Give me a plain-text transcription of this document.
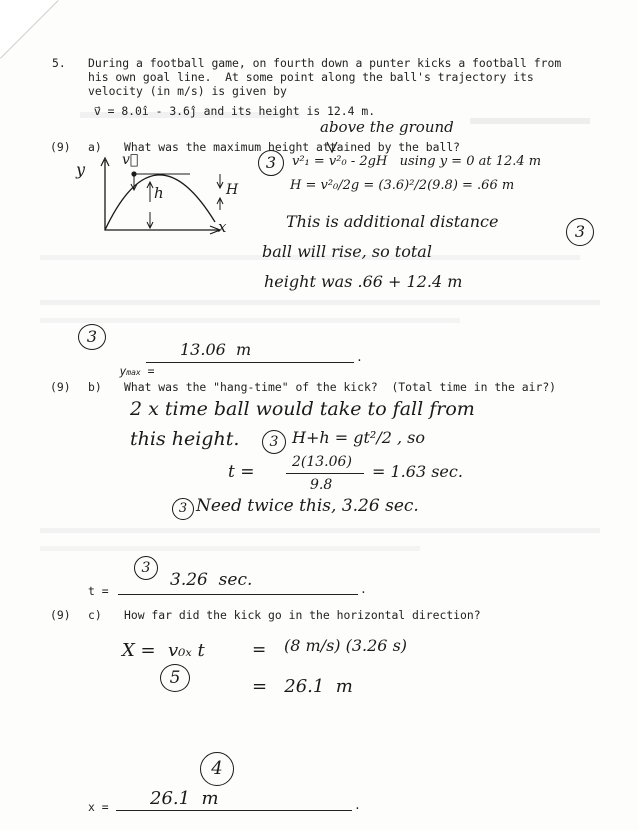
5. During a football game, on fourth down a punter kicks a football from
his own goal line.  At some point along the ball's trajectory its
velocity (in m/s) is given by
v⃗ = 8.0î - 3.6ĵ and its height is 12.4 m.
above the ground
(9) a) What was the maximum height attained by the ball?
y	v⃗
h	H
x
3	v²₁ = v²₀ - 2gH   using y = 0 at 12.4 m
H = v²₀/2g = (3.6)²/2(9.8) = .66 m
This is additional distance
3
ball will rise, so total
height was .66 + 12.4 m
3

ymax =

.
13.06  m
(9) b) What was the "hang-time" of the kick?  (Total time in the air?)
2 x time ball would take to fall from
this height.	3 H+h = gt²/2 , so
t =	2(13.06)
9.8
= 1.63 sec.
3 Need twice this, 3.26 sec.
3
t =	.
3.26  sec.
(9) c) How far did the kick go in the horizontal direction?
X = v₀ₓ t	= (8 m/s) (3.26 s)
5	=   26.1  m
4
x =	.
26.1  m
